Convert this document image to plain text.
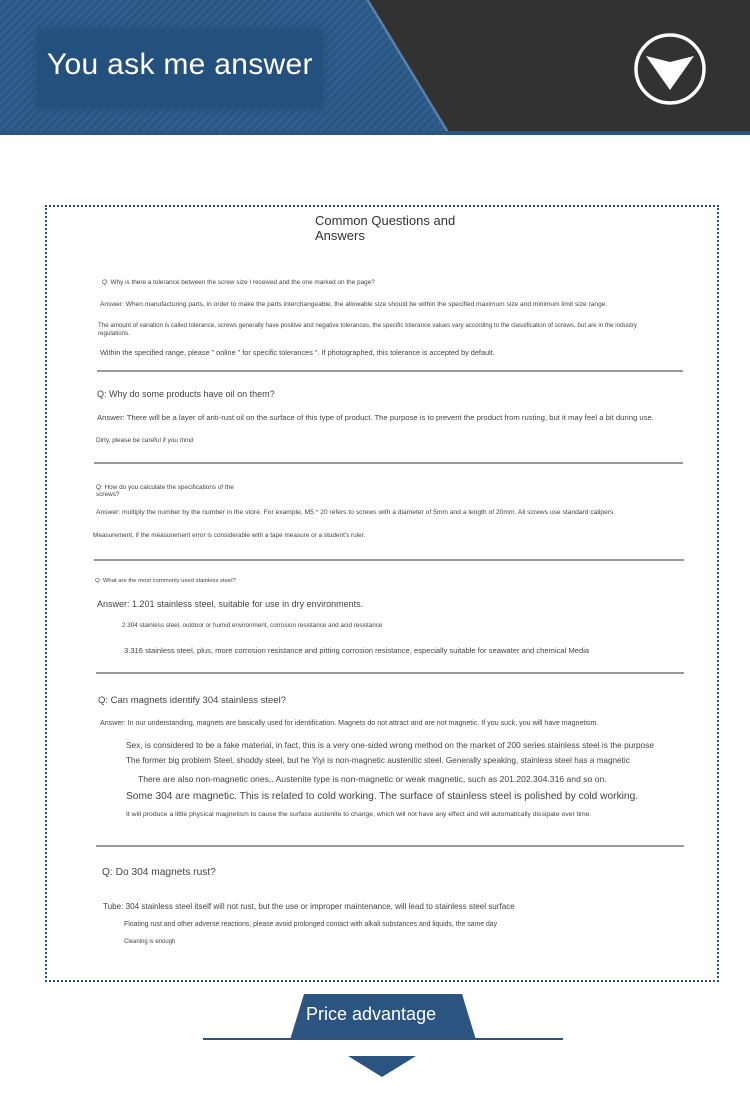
You ask me answer
Common Questions and Answers
Q: Why is there a tolerance between the screw size I received and the one marked on the page?
Answer: When manufacturing parts, in order to make the parts interchangeable, the allowable size should be within the specified maximum size and minimum limit size range.
The amount of variation is called tolerance, screws generally have positive and negative tolerances, the specific tolerance values vary according to the classification of screws, but are in the industry
regulations.
Within the specified range, please " online " for specific tolerances ". If photographed, this tolerance is accepted by default.
Q: Why do some products have oil on them?
Answer: There will be a layer of anti-rust oil on the surface of this type of product. The purpose is to prevent the product from rusting, but it may feel a bit during use.
Dirty, please be careful if you mind
Q: How do you calculate the specifications of the
screws?
Answer: multiply the number by the number in the store. For example, M5 * 20 refers to screws with a diameter of 5mm and a length of 20mm. All screws use standard calipers.
Measurement, if the measurement error is considerable with a tape measure or a student's ruler.
Q: What are the most commonly used stainless steel?
Answer: 1.201 stainless steel, suitable for use in dry environments.
2.304 stainless steel, outdoor or humid environment, corrosion resistance and acid resistance
3.316 stainless steel, plus, more corrosion resistance and pitting corrosion resistance, especially suitable for seawater and chemical Media
Q: Can magnets identify 304 stainless steel?
Answer: In our understanding, magnets are basically used for identification. Magnets do not attract and are not magnetic. If you suck, you will have magnetism.
Sex, is considered to be a fake material, in fact, this is a very one-sided wrong method on the market of 200 series stainless steel is the purpose
The former big problem Steel, shoddy steel, but he Yiyi is non-magnetic austenitic steel. Generally speaking, stainless steel has a magnetic
There are also non-magnetic ones,. Austenite type is non-magnetic or weak magnetic, such as 201.202.304.316 and so on.
Some 304 are magnetic. This is related to cold working. The surface of stainless steel is polished by cold working.
It will produce a little physical magnetism to cause the surface austenite to change, which will not have any effect and will automatically dissipate over time.
Q: Do 304 magnets rust?
Tube: 304 stainless steel itself will not rust, but the use or improper maintenance, will lead to stainless steel surface
Floating rust and other adverse reactions, please avoid prolonged contact with alkali substances and liquids, the same day
Cleaning is enough
Price advantage
